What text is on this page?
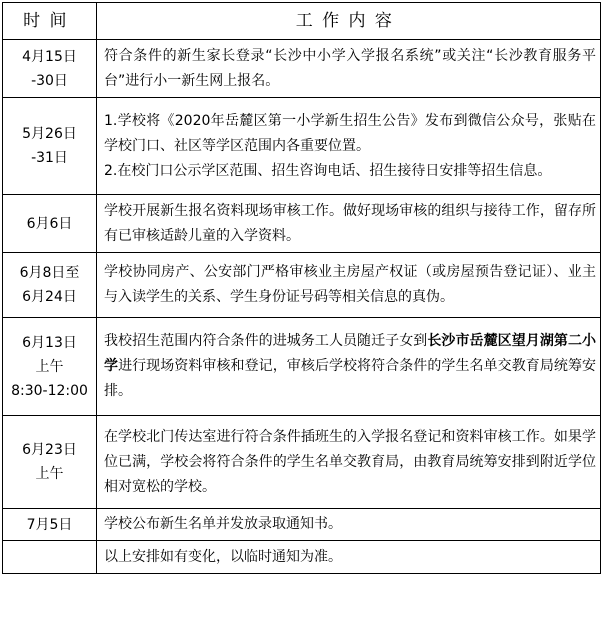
时间	工作内容

4月15日
-30日	符合条件的新生家长登录“长沙中小学入学报名系统”或关注“长沙教育服务平台”进行小一新生网上报名。

5月26日
-31日	1.学校将《2020年岳麓区第一小学新生招生公告》发布到微信公众号，张贴在学校门口、社区等学区范围内各重要位置。
2.在校门口公示学区范围、招生咨询电话、招生接待日安排等招生信息。

6月6日	学校开展新生报名资料现场审核工作。做好现场审核的组织与接待工作，留存所有已审核适龄儿童的入学资料。

6月8日至
6月24日	学校协同房产、公安部门严格审核业主房屋产权证（或房屋预告登记证）、业主与入读学生的关系、学生身份证号码等相关信息的真伪。

6月13日
上午
8:30-12:00	我校招生范围内符合条件的进城务工人员随迁子女到长沙市岳麓区望月湖第二小学进行现场资料审核和登记，审核后学校将符合条件的学生名单交教育局统筹安排。

6月23日
上午	在学校北门传达室进行符合条件插班生的入学报名登记和资料审核工作。如果学位已满，学校会将符合条件的学生名单交教育局，由教育局统筹安排到附近学位相对宽松的学校。

7月5日	学校公布新生名单并发放录取通知书。

	以上安排如有变化，以临时通知为准。
